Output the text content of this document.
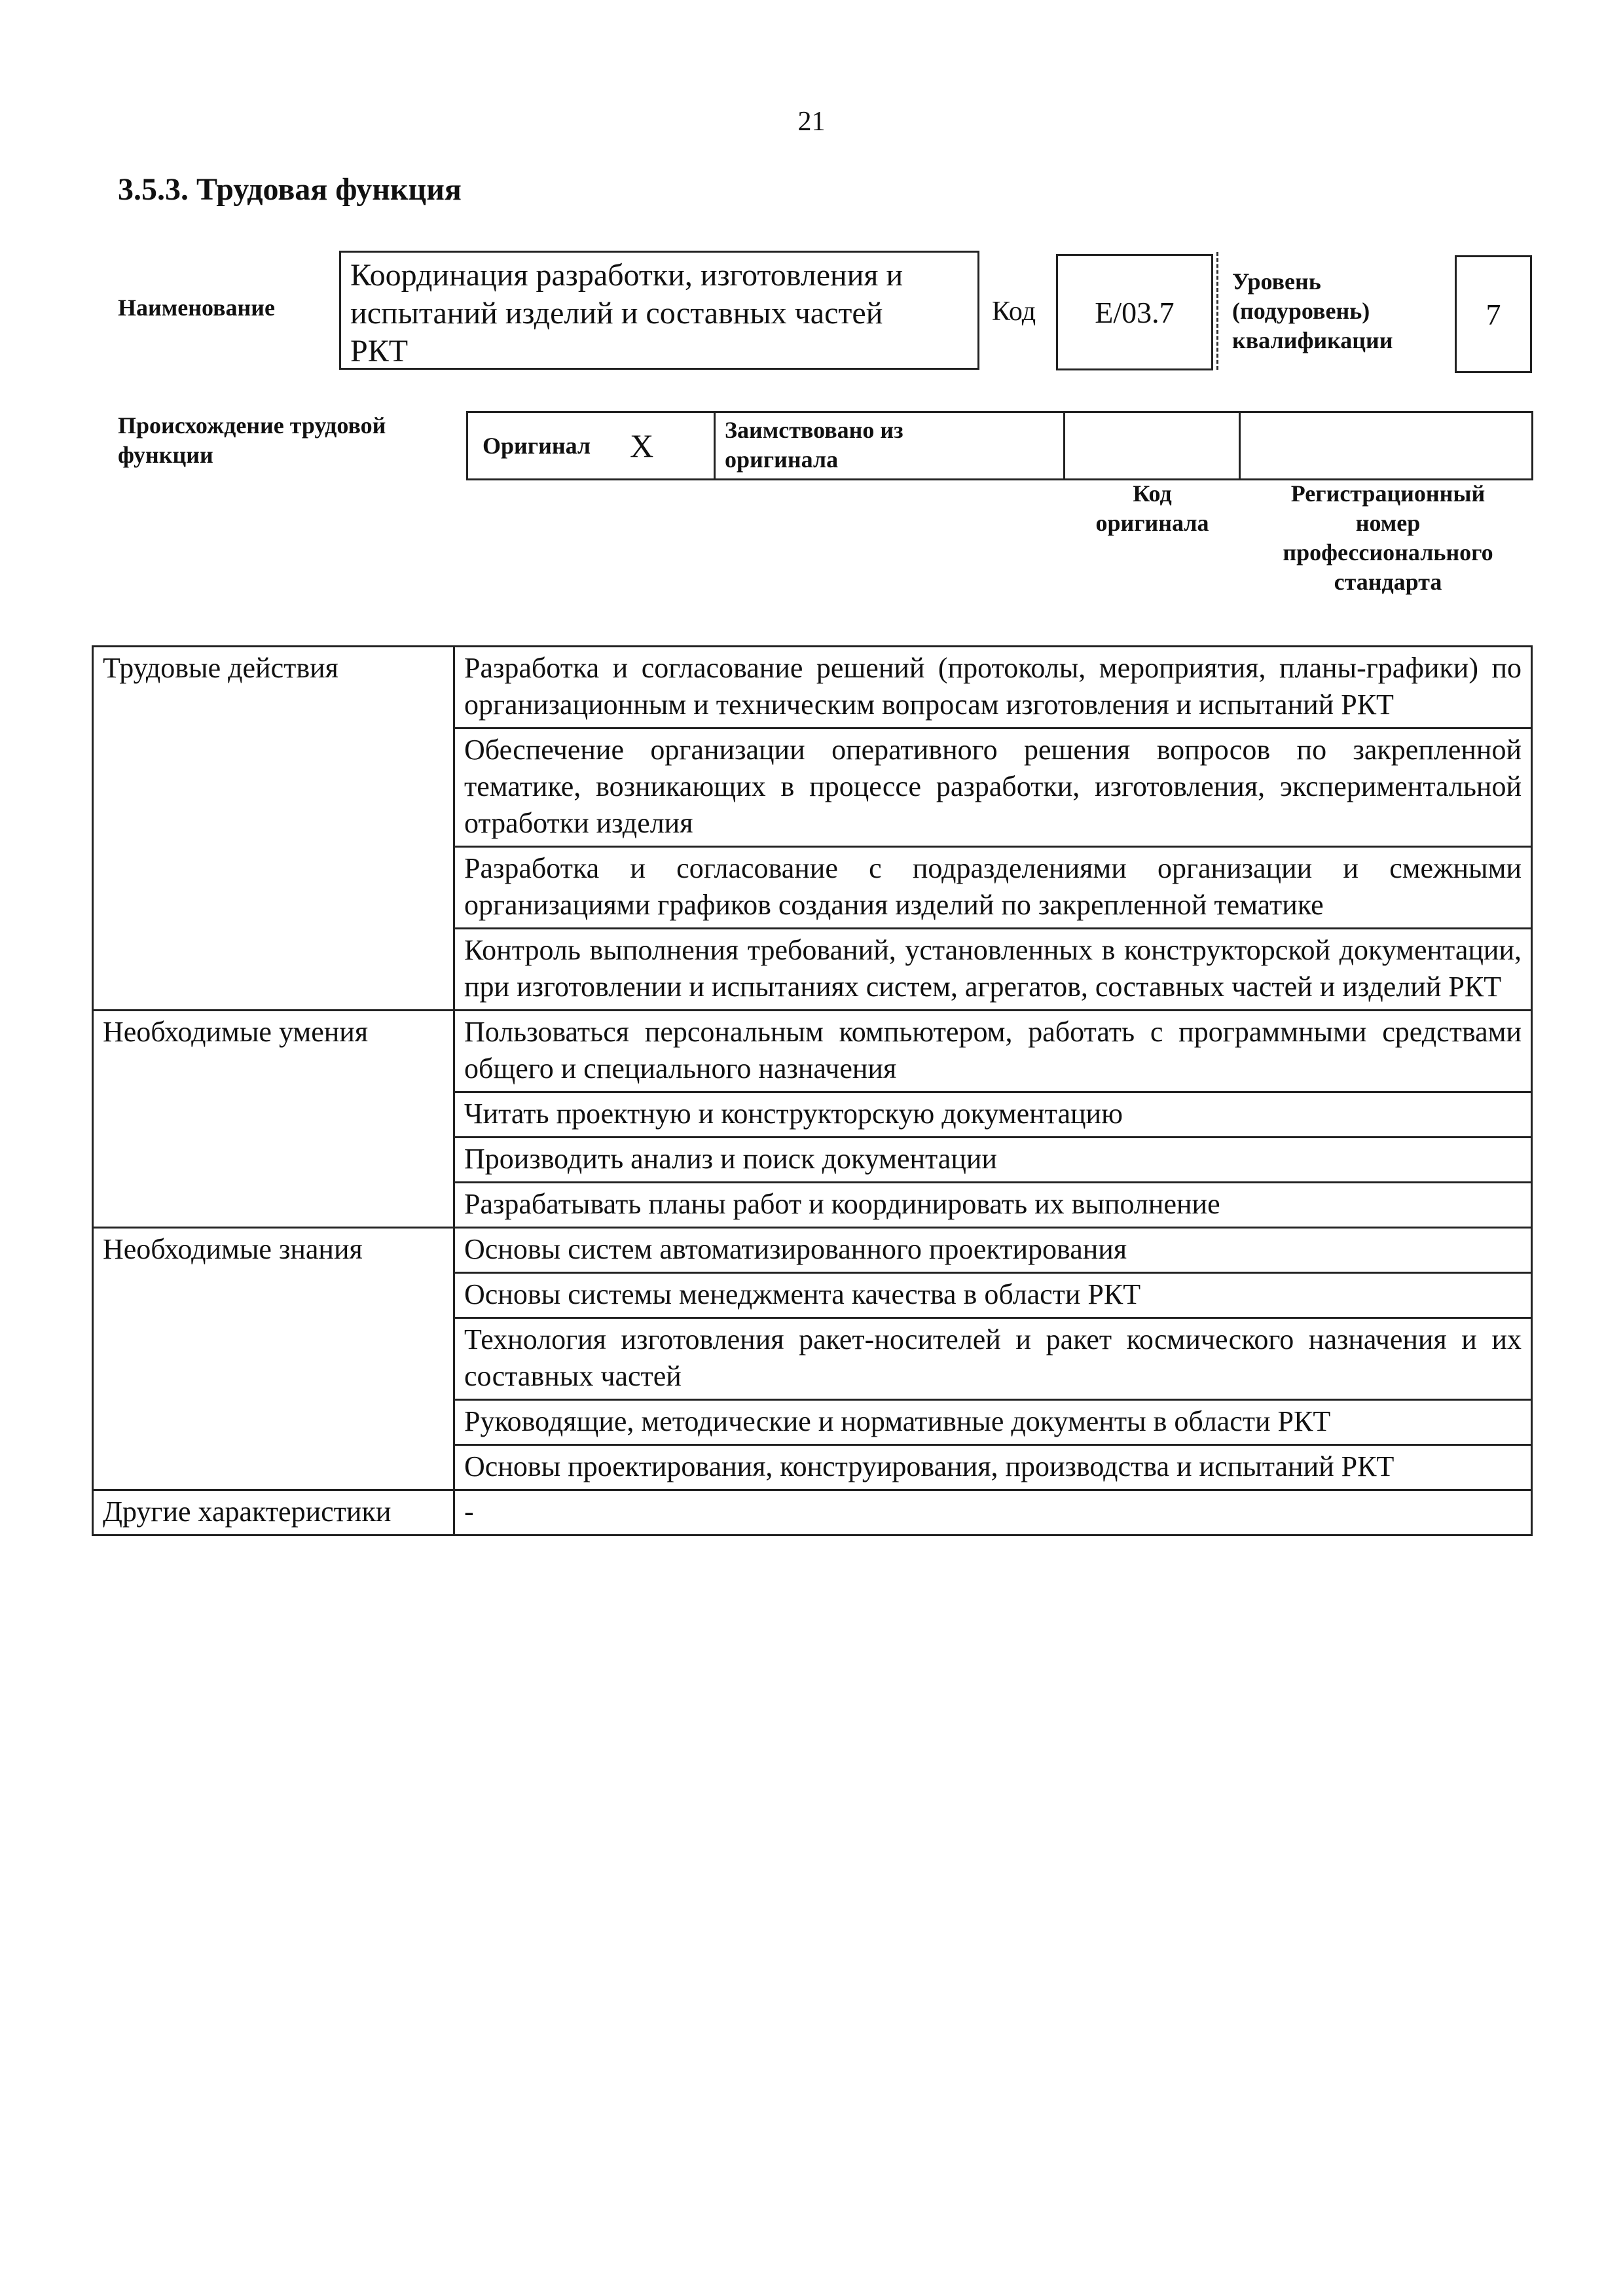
21
3.5.3. Трудовая функция
Наименование
Координация разработки, изготовления и
испытаний изделий и составных частей
РКТ
Код E/03.7
Уровень
(подуровень)
квалификации
7
Происхождение трудовой
функции	Оригинал X	Заимствовано из
оригинала
Код
оригинала
Регистрационный
номер
профессионального
стандарта
Трудовые действия	Разработка и согласование решений (протоколы, мероприятия, планы-графики) по организационным и техническим вопросам изготовления и испытаний РКТ
	Обеспечение организации оперативного решения вопросов по закрепленной тематике, возникающих в процессе разработки, изготовления, экспериментальной отработки изделия
	Разработка и согласование с подразделениями организации и смежными организациями графиков создания изделий по закрепленной тематике
	Контроль выполнения требований, установленных в конструкторской документации, при изготовлении и испытаниях систем, агрегатов, составных частей и изделий РКТ
Необходимые умения	Пользоваться персональным компьютером, работать с программными средствами общего и специального назначения
	Читать проектную и конструкторскую документацию
	Производить анализ и поиск документации
	Разрабатывать планы работ и координировать их выполнение
Необходимые знания	Основы систем автоматизированного проектирования
	Основы системы менеджмента качества в области РКТ
	Технология изготовления ракет-носителей и ракет космического назначения и их составных частей
	Руководящие, методические и нормативные документы в области РКТ
	Основы проектирования, конструирования, производства и испытаний РКТ
Другие характеристики	-
